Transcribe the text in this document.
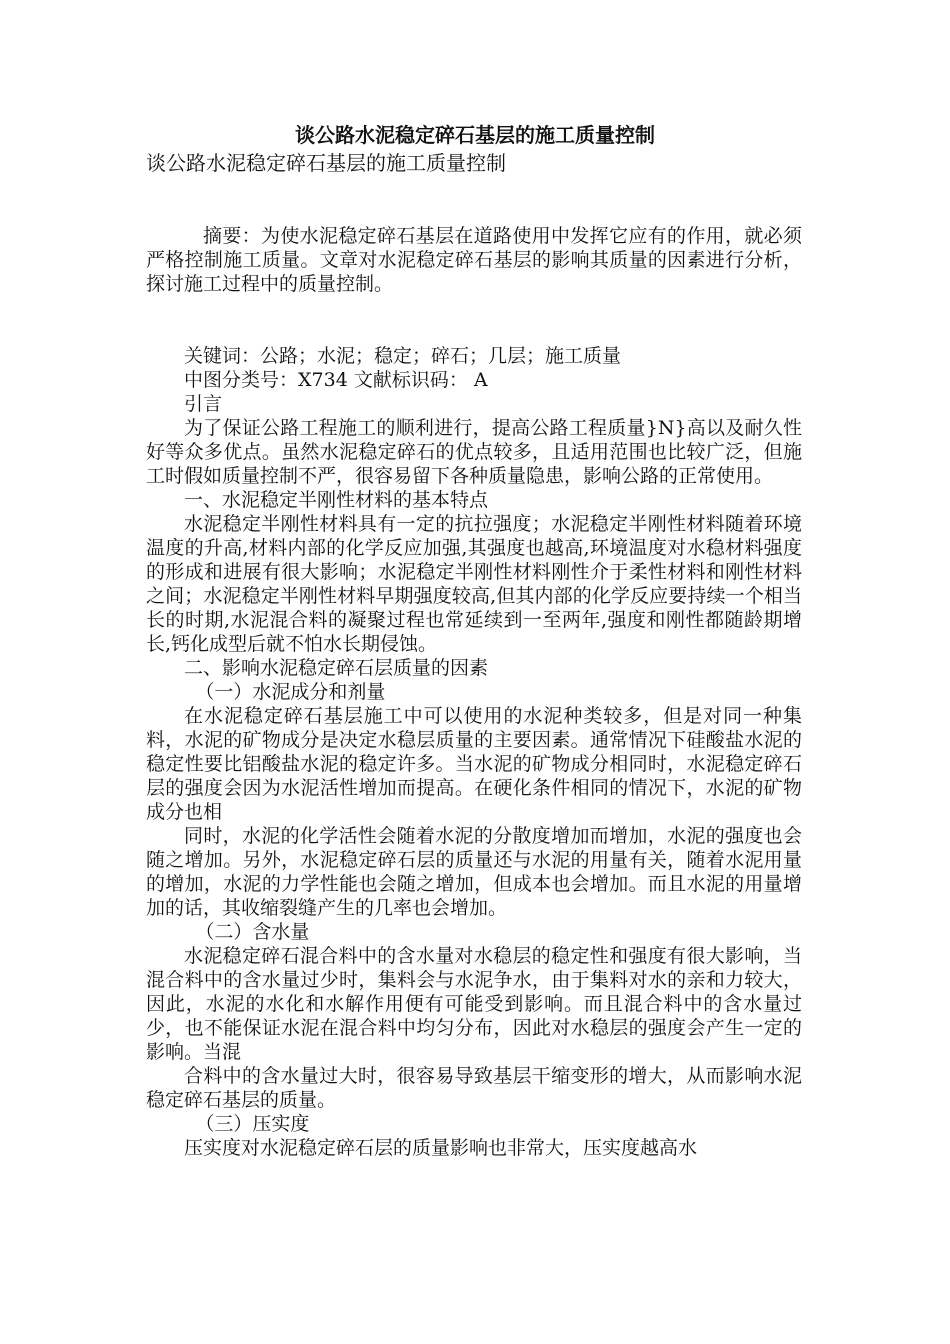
谈公路水泥稳定碎石基层的施工质量控制
谈公路水泥稳定碎石基层的施工质量控制

摘要：为使水泥稳定碎石基层在道路使用中发挥它应有的作用，就必须严格控制施工质量。文章对水泥稳定碎石基层的影响其质量的因素进行分析，探讨施工过程中的质量控制。

关键词：公路；水泥；稳定；碎石；几层；施工质量

中图分类号：X734 文献标识码： A

引言

为了保证公路工程施工的顺利进行，提高公路工程质量}N}高以及耐久性好等众多优点。虽然水泥稳定碎石的优点较多，且适用范围也比较广泛，但施工时假如质量控制不严，很容易留下各种质量隐患，影响公路的正常使用。

一、水泥稳定半刚性材料的基本特点

水泥稳定半刚性材料具有一定的抗拉强度；水泥稳定半刚性材料随着环境温度的升高,材料内部的化学反应加强,其强度也越高,环境温度对水稳材料强度的形成和进展有很大影响；水泥稳定半刚性材料刚性介于柔性材料和刚性材料之间；水泥稳定半刚性材料早期强度较高,但其内部的化学反应要持续一个相当长的时期,水泥混合料的凝聚过程也常延续到一至两年,强度和刚性都随龄期增长,钙化成型后就不怕水长期侵蚀。

二、影响水泥稳定碎石层质量的因素

（一）水泥成分和剂量

在水泥稳定碎石基层施工中可以使用的水泥种类较多，但是对同一种集料，水泥的矿物成分是决定水稳层质量的主要因素。通常情况下硅酸盐水泥的稳定性要比铝酸盐水泥的稳定许多。当水泥的矿物成分相同时，水泥稳定碎石层的强度会因为水泥活性增加而提高。在硬化条件相同的情况下，水泥的矿物成分也相

同时，水泥的化学活性会随着水泥的分散度增加而增加，水泥的强度也会随之增加。另外，水泥稳定碎石层的质量还与水泥的用量有关，随着水泥用量的增加，水泥的力学性能也会随之增加，但成本也会增加。而且水泥的用量增加的话，其收缩裂缝产生的几率也会增加。

（二）含水量

水泥稳定碎石混合料中的含水量对水稳层的稳定性和强度有很大影响，当混合料中的含水量过少时，集料会与水泥争水，由于集料对水的亲和力较大，因此，水泥的水化和水解作用便有可能受到影响。而且混合料中的含水量过少，也不能保证水泥在混合料中均匀分布，因此对水稳层的强度会产生一定的影响。当混

合料中的含水量过大时，很容易导致基层干缩变形的增大，从而影响水泥稳定碎石基层的质量。

（三）压实度

压实度对水泥稳定碎石层的质量影响也非常大，压实度越高水
